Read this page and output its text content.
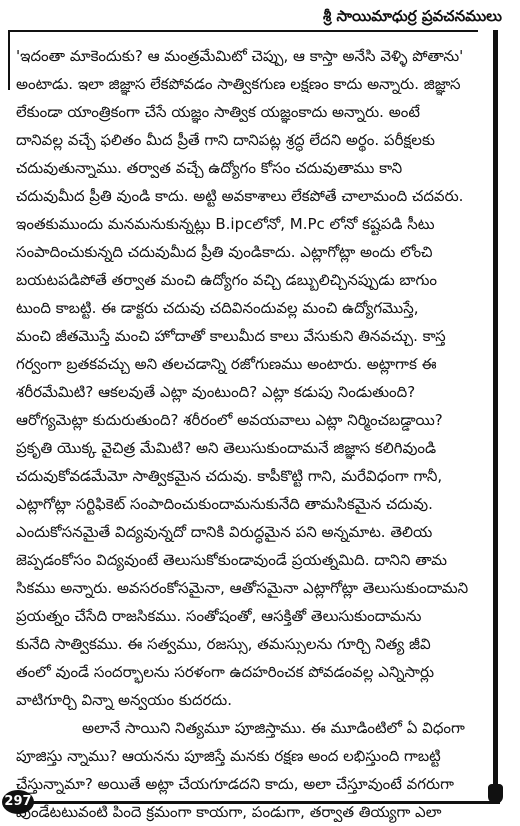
శ్రీ సాయిమాధుర్ర ప్రవచనములు
297
'ఇదంతా మాకెందుకు? ఆ మంత్రమేమిటో చెప్పు, ఆ కాస్తా అనేసి వెళ్ళి పోతాను'
అంటాడు. ఇలా జిజ్ఞాస లేకపోవడం సాత్వికగుణ లక్షణం కాదు అన్నారు. జిజ్ఞాస
లేకుండా యాంత్రికంగా చేసే యజ్ఞం సాత్విక యజ్ఞంకాదు అన్నారు. అంటే
దానివల్ల వచ్చే ఫలితం మీద ప్రీతే గాని దానిపట్ల శ్రద్ధ లేదని అర్థం. పరీక్షలకు
చదువుతున్నాము. తర్వాత వచ్చే ఉద్యోగం కోసం చదువుతాము కాని
చదువుమీద ప్రీతి వుండి కాదు. అట్టి అవకాశాలు లేకపోతే చాలామంది చదవరు.
ఇంతకుముందు మనమనుకున్నట్లు B.ipcలోనో, M.Pc లోనో కష్టపడి సీటు
సంపాదించుకున్నది చదువుమీద ప్రీతి వుండికాదు. ఎట్లాగోట్లా అందు లోంచి
బయటపడిపోతే తర్వాత మంచి ఉద్యోగం వచ్చి డబ్బులిచ్చినప్పుడు బాగుం
టుంది కాబట్టి. ఈ డాక్టరు చదువు చదివినందువల్ల మంచి ఉద్యోగమొస్తే,
మంచి జీతమొస్తే మంచి హోదాతో కాలుమీద కాలు వేసుకుని తినవచ్చు. కాస్త
గర్వంగా బ్రతకవచ్చు అని తలచడాన్ని రజోగుణము అంటారు. అట్లాగాక ఈ
శరీరమేమిటి? ఆకలవుతే ఎట్లా వుంటుంది? ఎట్లా కడుపు నిండుతుంది?
ఆరోగ్యమెట్లా కుదురుతుంది? శరీరంలో అవయవాలు ఎట్లా నిర్మించబడ్డాయి?
ప్రకృతి యొక్క వైచిత్ర మేమిటి? అని తెలుసుకుందామనే జిజ్ఞాస కలిగివుండి
చదువుకోవడమేమో సాత్వికమైన చదువు. కాపీకొట్టి గాని, మరేవిధంగా గానీ,
ఎట్లాగోట్లా సర్టిఫికెట్ సంపాదించుకుందామనుకునేది తామసికమైన చదువు.
ఎందుకోసనమైతే విద్యవున్నదో దానికి విరుద్ధమైన పని అన్నమాట. తెలియ
జెప్పడంకోసం విద్యవుంటే తెలుసుకోకుండావుండే ప్రయత్నమిది. దానిని తామ
సికము అన్నారు. అవసరంకోసమైనా, ఆతోసమైనా ఎట్లాగోట్లా తెలుసుకుందామని
ప్రయత్నం చేసేది రాజసికము. సంతోషంతో, ఆసక్తితో తెలుసుకుందామను
కునేది సాత్వికము. ఈ సత్వము, రజస్సు, తమస్సులను గూర్చి నిత్య జీవి
తంలో వుండే సందర్భాలను సరళంగా ఉదహరించక పోవడంవల్ల ఎన్నిసార్లు
వాటిగూర్చి విన్నా అన్వయం కుదరదు.
అలానే సాయిని నిత్యమూ పూజిస్తాము. ఈ మూడింటిలో ఏ విధంగా
పూజిస్తు న్నాము? ఆయనను పూజిస్తే మనకు రక్షణ అంద లభిస్తుంది గాబట్టి
చేస్తున్నామా? అయితే అట్లా చేయగూడదని కాదు, అలా చేస్తూవుంటే వగరుగా
వుండేటటువంటి పిందె క్రమంగా కాయగా, పండుగా, తర్వాత తియ్యగా ఎలా
